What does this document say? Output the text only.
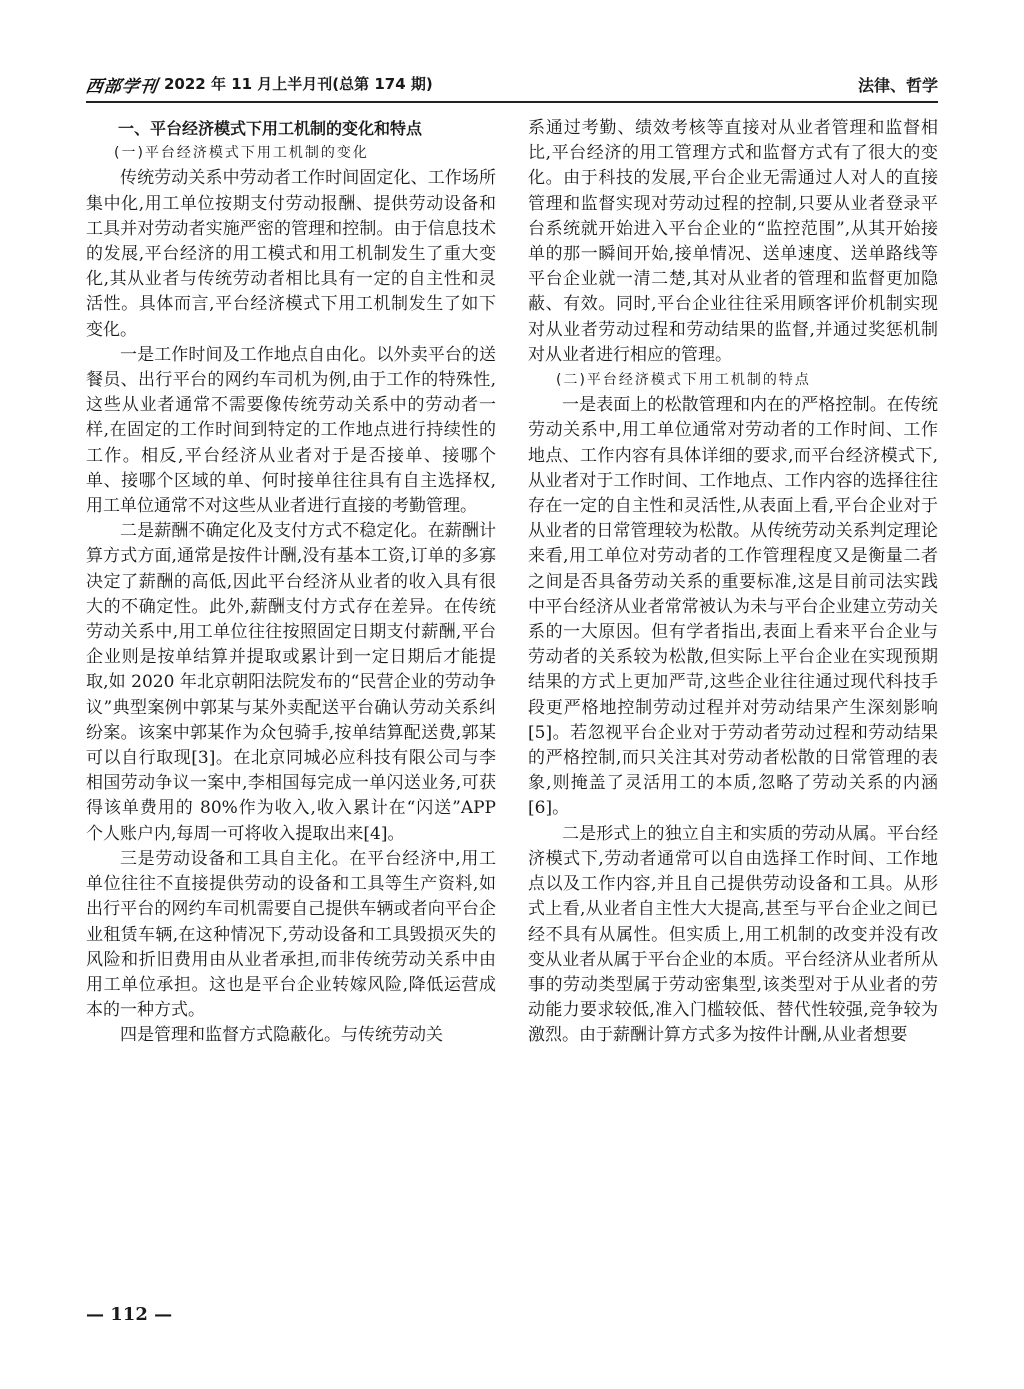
西部学刊 2022 年 11 月上半月刊(总第 174 期)	法律、哲学

一、平台经济模式下用工机制的变化和特点

(一)平台经济模式下用工机制的变化

传统劳动关系中劳动者工作时间固定化、工作场所集中化,用工单位按期支付劳动报酬、提供劳动设备和工具并对劳动者实施严密的管理和控制。由于信息技术的发展,平台经济的用工模式和用工机制发生了重大变化,其从业者与传统劳动者相比具有一定的自主性和灵活性。具体而言,平台经济模式下用工机制发生了如下变化。

一是工作时间及工作地点自由化。以外卖平台的送餐员、出行平台的网约车司机为例,由于工作的特殊性,这些从业者通常不需要像传统劳动关系中的劳动者一样,在固定的工作时间到特定的工作地点进行持续性的工作。相反,平台经济从业者对于是否接单、接哪个单、接哪个区域的单、何时接单往往具有自主选择权,用工单位通常不对这些从业者进行直接的考勤管理。

二是薪酬不确定化及支付方式不稳定化。在薪酬计算方式方面,通常是按件计酬,没有基本工资,订单的多寡决定了薪酬的高低,因此平台经济从业者的收入具有很大的不确定性。此外,薪酬支付方式存在差异。在传统劳动关系中,用工单位往往按照固定日期支付薪酬,平台企业则是按单结算并提取或累计到一定日期后才能提取,如 2020 年北京朝阳法院发布的“民营企业的劳动争议”典型案例中郭某与某外卖配送平台确认劳动关系纠纷案。该案中郭某作为众包骑手,按单结算配送费,郭某可以自行取现[3]。在北京同城必应科技有限公司与李相国劳动争议一案中,李相国每完成一单闪送业务,可获得该单费用的 80%作为收入,收入累计在“闪送”APP 个人账户内,每周一可将收入提取出来[4]。

三是劳动设备和工具自主化。在平台经济中,用工单位往往不直接提供劳动的设备和工具等生产资料,如出行平台的网约车司机需要自己提供车辆或者向平台企业租赁车辆,在这种情况下,劳动设备和工具毁损灭失的风险和折旧费用由从业者承担,而非传统劳动关系中由用工单位承担。这也是平台企业转嫁风险,降低运营成本的一种方式。

四是管理和监督方式隐蔽化。与传统劳动关

系通过考勤、绩效考核等直接对从业者管理和监督相比,平台经济的用工管理方式和监督方式有了很大的变化。由于科技的发展,平台企业无需通过人对人的直接管理和监督实现对劳动过程的控制,只要从业者登录平台系统就开始进入平台企业的“监控范围”,从其开始接单的那一瞬间开始,接单情况、送单速度、送单路线等平台企业就一清二楚,其对从业者的管理和监督更加隐蔽、有效。同时,平台企业往往采用顾客评价机制实现对从业者劳动过程和劳动结果的监督,并通过奖惩机制对从业者进行相应的管理。

(二)平台经济模式下用工机制的特点

一是表面上的松散管理和内在的严格控制。在传统劳动关系中,用工单位通常对劳动者的工作时间、工作地点、工作内容有具体详细的要求,而平台经济模式下,从业者对于工作时间、工作地点、工作内容的选择往往存在一定的自主性和灵活性,从表面上看,平台企业对于从业者的日常管理较为松散。从传统劳动关系判定理论来看,用工单位对劳动者的工作管理程度又是衡量二者之间是否具备劳动关系的重要标准,这是目前司法实践中平台经济从业者常常被认为未与平台企业建立劳动关系的一大原因。但有学者指出,表面上看来平台企业与劳动者的关系较为松散,但实际上平台企业在实现预期结果的方式上更加严苛,这些企业往往通过现代科技手段更严格地控制劳动过程并对劳动结果产生深刻影响[5]。若忽视平台企业对于劳动者劳动过程和劳动结果的严格控制,而只关注其对劳动者松散的日常管理的表象,则掩盖了灵活用工的本质,忽略了劳动关系的内涵[6]。

二是形式上的独立自主和实质的劳动从属。平台经济模式下,劳动者通常可以自由选择工作时间、工作地点以及工作内容,并且自己提供劳动设备和工具。从形式上看,从业者自主性大大提高,甚至与平台企业之间已经不具有从属性。但实质上,用工机制的改变并没有改变从业者从属于平台企业的本质。平台经济从业者所从事的劳动类型属于劳动密集型,该类型对于从业者的劳动能力要求较低,准入门槛较低、替代性较强,竞争较为激烈。由于薪酬计算方式多为按件计酬,从业者想要

— 112 —
